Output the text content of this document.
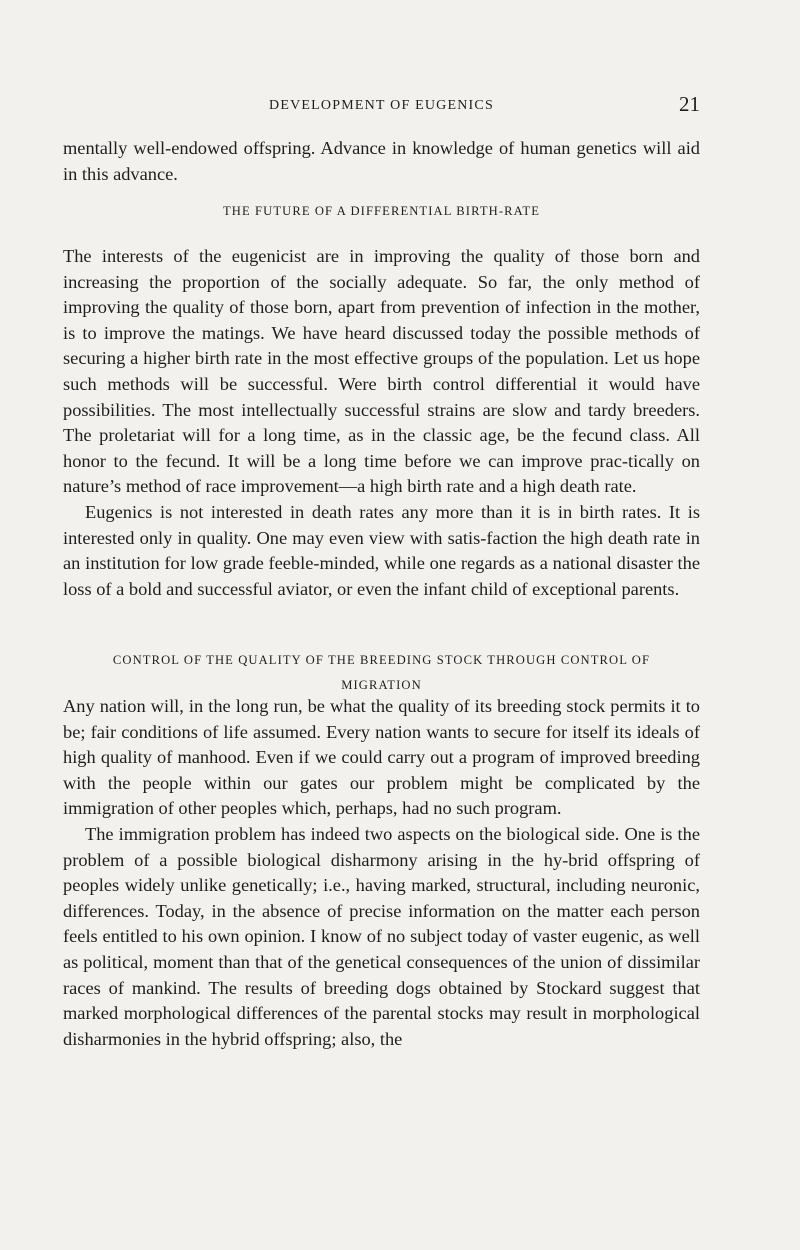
DEVELOPMENT OF EUGENICS	21

mentally well-endowed offspring. Advance in knowledge of human genetics will aid in this advance.

THE FUTURE OF A DIFFERENTIAL BIRTH-RATE

The interests of the eugenicist are in improving the quality of those born and increasing the proportion of the socially adequate. So far, the only method of improving the quality of those born, apart from prevention of infection in the mother, is to improve the matings. We have heard discussed today the possible methods of securing a higher birth rate in the most effective groups of the population. Let us hope such methods will be successful. Were birth control differential it would have possibilities. The most intellectually successful strains are slow and tardy breeders. The proletariat will for a long time, as in the classic age, be the fecund class. All honor to the fecund. It will be a long time before we can improve prac-tically on nature’s method of race improvement—a high birth rate and a high death rate.

Eugenics is not interested in death rates any more than it is in birth rates. It is interested only in quality. One may even view with satis-faction the high death rate in an institution for low grade feeble-minded, while one regards as a national disaster the loss of a bold and successful aviator, or even the infant child of exceptional parents.

CONTROL OF THE QUALITY OF THE BREEDING STOCK THROUGH CONTROL OF
MIGRATION

Any nation will, in the long run, be what the quality of its breeding stock permits it to be; fair conditions of life assumed. Every nation wants to secure for itself its ideals of high quality of manhood. Even if we could carry out a program of improved breeding with the people within our gates our problem might be complicated by the immigration of other peoples which, perhaps, had no such program.

The immigration problem has indeed two aspects on the biological side. One is the problem of a possible biological disharmony arising in the hy-brid offspring of peoples widely unlike genetically; i.e., having marked, structural, including neuronic, differences. Today, in the absence of precise information on the matter each person feels entitled to his own opinion. I know of no subject today of vaster eugenic, as well as political, moment than that of the genetical consequences of the union of dissimilar races of mankind. The results of breeding dogs obtained by Stockard suggest that marked morphological differences of the parental stocks may result in morphological disharmonies in the hybrid offspring; also, the
